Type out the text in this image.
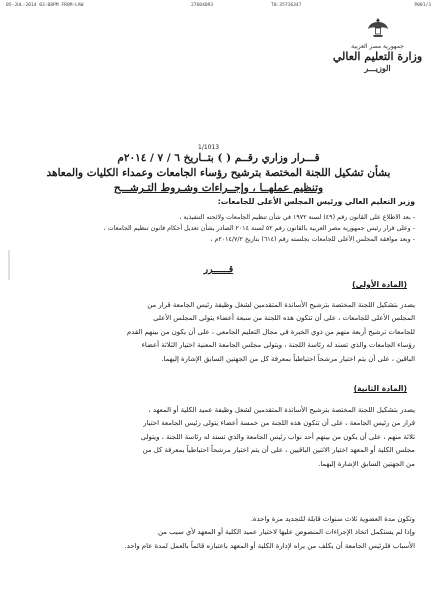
05-JUL-2014 03:08PM FROM-LAW	27604093	T0:35716347	P001/3
جمهورية مصر العربية
وزارة التعليم العالي
الوزيـــر
1/1013
قـــرار وزاري رقــم ( ) بتــاريخ ٦ / ٧ / ٢٠١٤م
بشأن تشكيل اللجنة المختصة بترشيح رؤساء الجامعات وعمداء الكليات والمعاهد
وتنظيم عملهــا ، وإجــراءات وشـروط التـرشـــح
وزير التعليم العالي ورئيس المجلس الأعلى للجامعات:
- بعد الاطلاع على القانون رقم (٤٩) لسنة ١٩٧٢ في شأن تنظيم الجامعات ولائحته التنفيذية ،
- وعلى قرار رئيس جمهورية مصر العربية بالقانون رقم ٥٢ لسنة ٢٠١٤ الصادر بشأن تعديل أحكام قانون تنظيم الجامعات ،
- وبعد موافقة المجلس الأعلى للجامعات بجلسته رقم (٦١٤) بتاريخ ٢٠١٤/٧/٢م ،
قــــــرر
(المادة الأولى)
يصدر بتشكيل اللجنة المختصة بترشيح الأساتذة المتقدمين لشغل وظيفة رئيس الجامعة قرار من
المجلس الأعلى للجامعات ، على أن تتكون هذه اللجنة من سبعة أعضاء يتولى المجلس الأعلى
للجامعات ترشيح أربعة منهم من ذوي الخبرة في مجال التعليم الجامعي ، على أن يكون من بينهم القدم
رؤساء الجامعات والذي تسند له رئاسة اللجنة ، ويتولى مجلس الجامعة المعنية اختيار الثلاثة أعضاء
الباقين ، على أن يتم اختيار مرشحاً احتياطياً بمعرفة كل من الجهتين السابق الإشارة إليهما.
(المادة الثانية)
يصدر بتشكيل اللجنة المختصة بترشيح الأساتذة المتقدمين لشغل وظيفة عميد الكلية أو المعهد ،
قرار من رئيس الجامعة ، على أن تتكون هذه اللجنة من خمسة أعضاء يتولى رئيس الجامعة اختيار
ثلاثة منهم ، على أن يكون من بينهم أحد نواب رئيس الجامعة والذي تسند له رئاسة اللجنة ، ويتولى
مجلس الكلية أو المعهد اختيار الاثنين الباقيين ، على أن يتم اختيار مرشحاً احتياطياً بمعرفة كل من
من الجهتين السابق الإشارة إليهما.
وتكون مدة العضوية ثلاث سنوات قابلة للتجديد مرة واحدة.
وإذا لم يستكمل اتخاذ الإجراءات المنصوص عليها لاختيار عميد الكلية أو المعهد لأي سبب من
الأسباب فلرئيس الجامعة أن يكلف من يراه لإدارة الكلية أو المعهد باعتباره قائماً بالعمل لمدة عام واحد.
